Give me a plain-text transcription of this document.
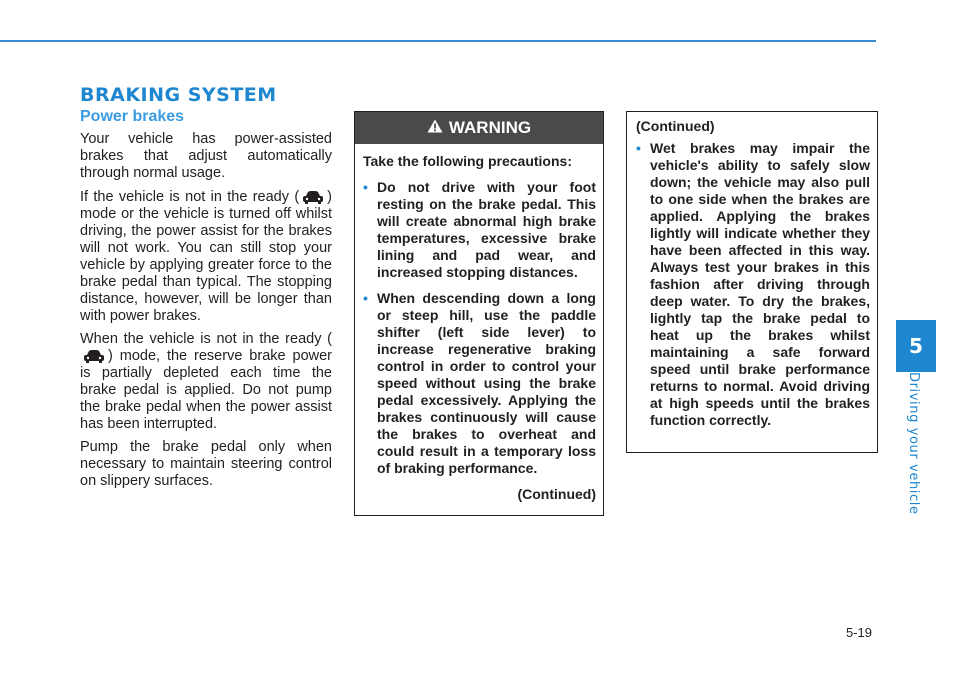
BRAKING SYSTEM
Power brakes

Your vehicle has power-assisted brakes that adjust automatically through normal usage.

If the vehicle is not in the ready ( ) mode or the vehicle is turned off whilst driving, the power assist for the brakes will not work. You can still stop your vehicle by applying greater force to the brake pedal than typical. The stopping distance, however, will be longer than with power brakes.

When the vehicle is not in the ready (
) mode, the reserve brake power is partially depleted each time the brake pedal is applied. Do not pump the brake pedal when the power assist has been interrupted.

Pump the brake pedal only when necessary to maintain steering control on slippery surfaces.

WARNING

Take the following precautions:

• Do not drive with your foot resting on the brake pedal. This will create abnormal high brake temperatures, excessive brake lining and pad wear, and increased stopping distances.
• When descending down a long or steep hill, use the paddle shifter (left side lever) to increase regenerative braking control in order to control your speed without using the brake pedal excessively. Applying the brakes continuously will cause the brakes to overheat and could result in a temporary loss of braking performance.

(Continued)

(Continued)

• Wet brakes may impair the vehicle's ability to safely slow down; the vehicle may also pull to one side when the brakes are applied. Applying the brakes lightly will indicate whether they have been affected in this way. Always test your brakes in this fashion after driving through deep water. To dry the brakes, lightly tap the brake pedal to heat up the brakes whilst maintaining a safe forward speed until brake performance returns to normal. Avoid driving at high speeds until the brakes function correctly.
5
Driving your vehicle
5-19
